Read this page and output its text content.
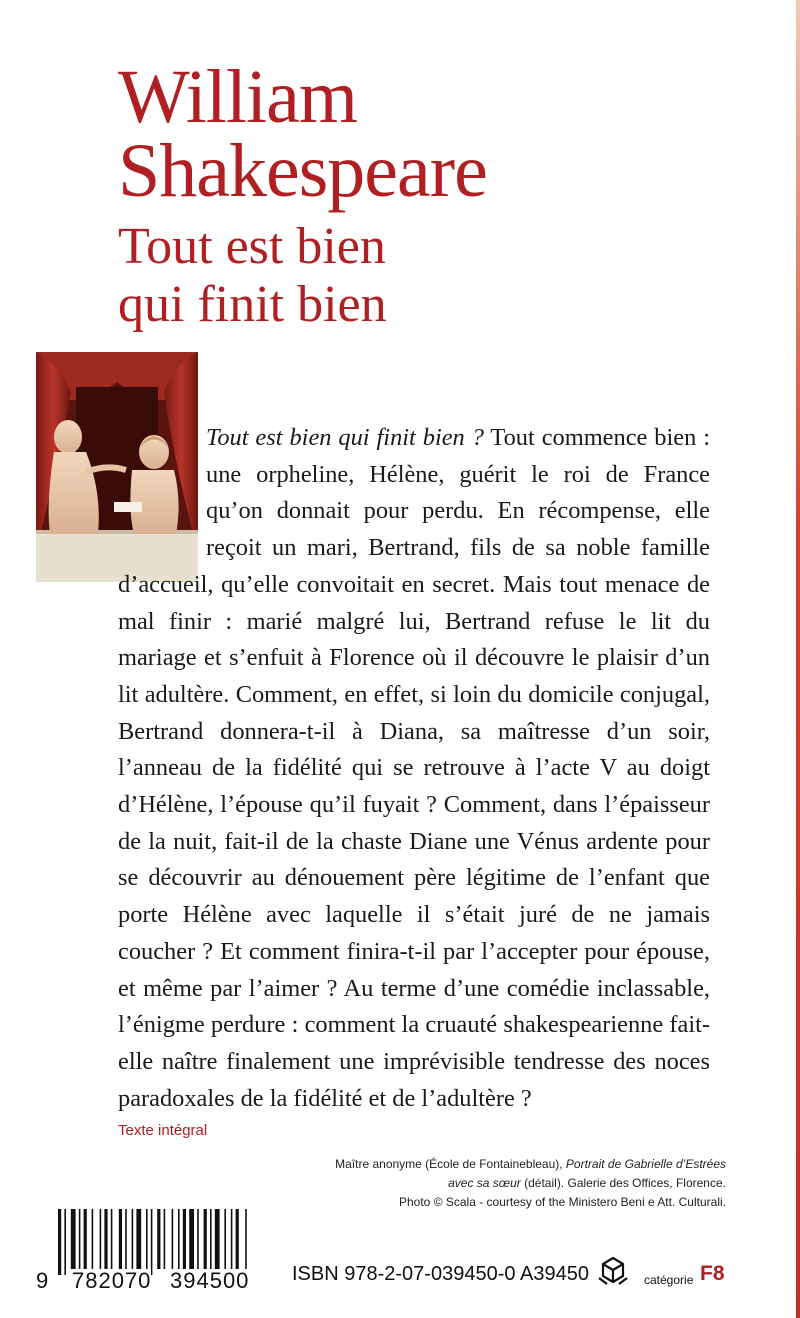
William
Shakespeare
Tout est bien
qui finit bien
Tout est bien qui finit bien ? Tout commence bien : une orpheline, Hélène, guérit le roi de France qu’on donnait pour perdu. En récompense, elle reçoit un mari, Bertrand, fils de sa noble famille d’accueil, qu’elle convoitait en secret. Mais tout menace de mal finir : marié malgré lui, Bertrand refuse le lit du mariage et s’enfuit à Florence où il découvre le plaisir d’un lit adultère. Comment, en effet, si loin du domicile conjugal, Bertrand donnera-t-il à Diana, sa maîtresse d’un soir, l’anneau de la fidélité qui se retrouve à l’acte V au doigt d’Hélène, l’épouse qu’il fuyait ? Comment, dans l’épaisseur de la nuit, fait-il de la chaste Diane une Vénus ardente pour se découvrir au dénouement père légitime de l’enfant que porte Hélène avec laquelle il s’était juré de ne jamais coucher ? Et comment finira-t-il par l’accepter pour épouse, et même par l’aimer ? Au terme d’une comédie inclassable, l’énigme perdure : comment la cruauté shakespearienne fait-elle naître finalement une imprévisible tendresse des noces paradoxales de la fidélité et de l’adultère ?
Texte intégral
Maître anonyme (École de Fontainebleau), Portrait de Gabrielle d’Estrées
avec sa sœur (détail). Galerie des Offices, Florence.
Photo © Scala - courtesy of the Ministero Beni e Att. Culturali.
9 782070 394500 ISBN 978-2-07-039450-0 A39450	catégorie F8
